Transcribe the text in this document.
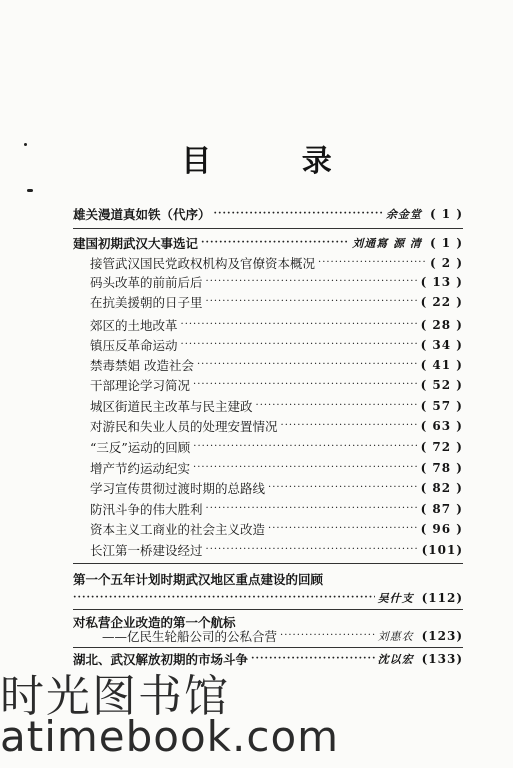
目 录
雄关漫道真如铁（代序） ·····	余金堂 ( 1 )
建国初期武汉大事选记 ·····	刘通寫 源 清 ( 1 )
接管武汉国民党政权机构及官僚资本概况 ·····	( 2 )
码头改革的前前后后 ·····	( 13 )
在抗美援朝的日子里 ·····	( 22 )
郊区的土地改革 ·····	( 28 )
镇压反革命运动 ·····	( 34 )
禁毒禁娼 改造社会 ·····	( 41 )
干部理论学习简况 ·····	( 52 )
城区街道民主改革与民主建政 ·····	( 57 )
对游民和失业人员的处理安置情况 ·····	( 63 )
“三反”运动的回顾 ·····	( 72 )
增产节约运动纪实 ·····	( 78 )
学习宣传贯彻过渡时期的总路线 ·····	( 82 )
防汛斗争的伟大胜利 ·····	( 87 )
资本主义工商业的社会主义改造 ·····	( 96 )
长江第一桥建设经过 ·····	(101)
第一个五年计划时期武汉地区重点建设的回顾
·····
吴什支 (112)
对私营企业改造的第一个航标
——亿民生轮船公司的公私合营 ·····	刘惠农 (123)
湖北、武汉解放初期的市场斗争 ·····	沈以宏 (133)
时光图书馆
atimebook.com
